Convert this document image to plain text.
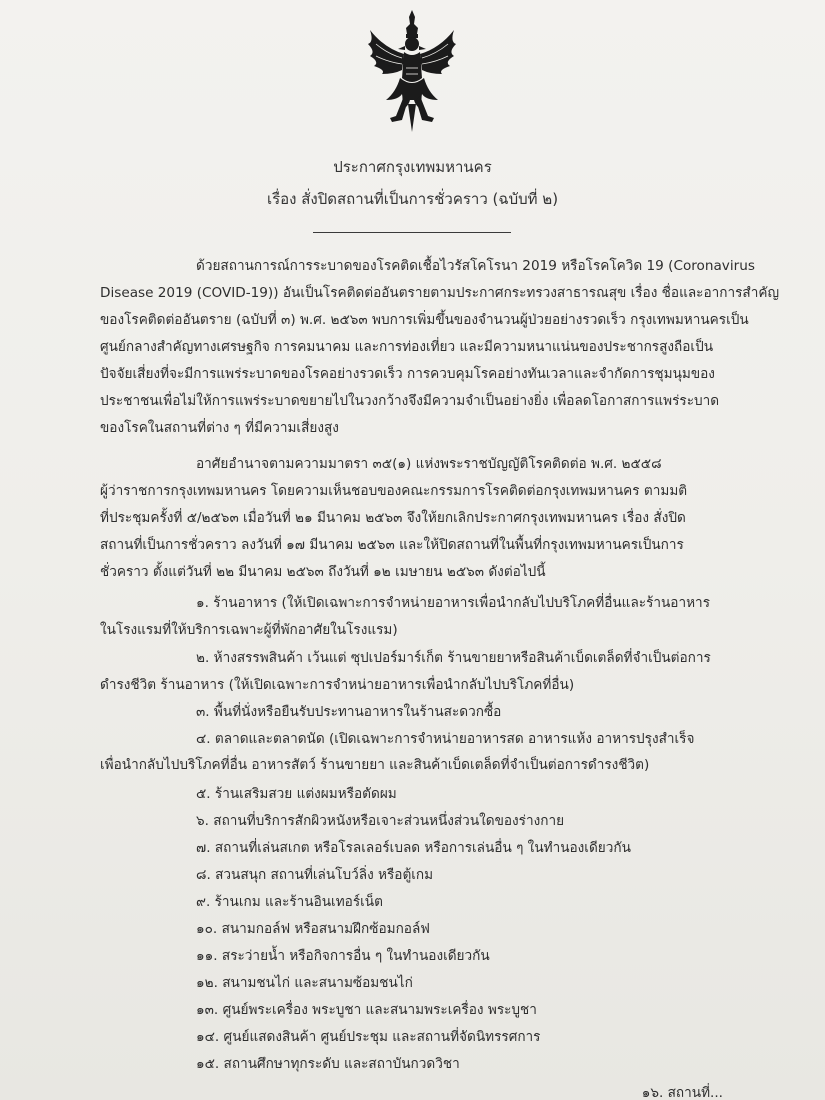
ประกาศกรุงเทพมหานคร
เรื่อง สั่งปิดสถานที่เป็นการชั่วคราว (ฉบับที่ ๒)
ด้วยสถานการณ์การระบาดของโรคติดเชื้อไวรัสโคโรนา 2019 หรือโรคโควิด 19 (Coronavirus
Disease 2019 (COVID-19)) อันเป็นโรคติดต่ออันตรายตามประกาศกระทรวงสาธารณสุข เรื่อง ชื่อและอาการสำคัญ
ของโรคติดต่ออันตราย (ฉบับที่ ๓) พ.ศ. ๒๕๖๓ พบการเพิ่มขึ้นของจำนวนผู้ป่วยอย่างรวดเร็ว กรุงเทพมหานครเป็น
ศูนย์กลางสำคัญทางเศรษฐกิจ การคมนาคม และการท่องเที่ยว และมีความหนาแน่นของประชากรสูงถือเป็น
ปัจจัยเสี่ยงที่จะมีการแพร่ระบาดของโรคอย่างรวดเร็ว การควบคุมโรคอย่างทันเวลาและจำกัดการชุมนุมของ
ประชาชนเพื่อไม่ให้การแพร่ระบาดขยายไปในวงกว้างจึงมีความจำเป็นอย่างยิ่ง เพื่อลดโอกาสการแพร่ระบาด
ของโรคในสถานที่ต่าง ๆ ที่มีความเสี่ยงสูง
อาศัยอำนาจตามความมาตรา ๓๕(๑) แห่งพระราชบัญญัติโรคติดต่อ พ.ศ. ๒๕๕๘
ผู้ว่าราชการกรุงเทพมหานคร โดยความเห็นชอบของคณะกรรมการโรคติดต่อกรุงเทพมหานคร ตามมติ
ที่ประชุมครั้งที่ ๕/๒๕๖๓ เมื่อวันที่ ๒๑ มีนาคม ๒๕๖๓ จึงให้ยกเลิกประกาศกรุงเทพมหานคร เรื่อง สั่งปิด
สถานที่เป็นการชั่วคราว ลงวันที่ ๑๗ มีนาคม ๒๕๖๓ และให้ปิดสถานที่ในพื้นที่กรุงเทพมหานครเป็นการ
ชั่วคราว ตั้งแต่วันที่ ๒๒ มีนาคม ๒๕๖๓ ถึงวันที่ ๑๒ เมษายน ๒๕๖๓ ดังต่อไปนี้
๑. ร้านอาหาร (ให้เปิดเฉพาะการจำหน่ายอาหารเพื่อนำกลับไปบริโภคที่อื่นและร้านอาหาร
ในโรงแรมที่ให้บริการเฉพาะผู้ที่พักอาศัยในโรงแรม)
๒. ห้างสรรพสินค้า เว้นแต่ ซุปเปอร์มาร์เก็ต ร้านขายยาหรือสินค้าเบ็ดเตล็ดที่จำเป็นต่อการ
ดำรงชีวิต ร้านอาหาร (ให้เปิดเฉพาะการจำหน่ายอาหารเพื่อนำกลับไปบริโภคที่อื่น)
๓. พื้นที่นั่งหรือยืนรับประทานอาหารในร้านสะดวกซื้อ
๔. ตลาดและตลาดนัด (เปิดเฉพาะการจำหน่ายอาหารสด อาหารแห้ง อาหารปรุงสำเร็จ
เพื่อนำกลับไปบริโภคที่อื่น อาหารสัตว์ ร้านขายยา และสินค้าเบ็ดเตล็ดที่จำเป็นต่อการดำรงชีวิต)
๕. ร้านเสริมสวย แต่งผมหรือตัดผม
๖. สถานที่บริการสักผิวหนังหรือเจาะส่วนหนึ่งส่วนใดของร่างกาย
๗. สถานที่เล่นสเกต หรือโรลเลอร์เบลด หรือการเล่นอื่น ๆ ในทำนองเดียวกัน
๘. สวนสนุก สถานที่เล่นโบว์ลิ่ง หรือตู้เกม
๙. ร้านเกม และร้านอินเทอร์เน็ต
๑๐. สนามกอล์ฟ หรือสนามฝึกซ้อมกอล์ฟ
๑๑. สระว่ายน้ำ หรือกิจการอื่น ๆ ในทำนองเดียวกัน
๑๒. สนามชนไก่ และสนามซ้อมชนไก่
๑๓. ศูนย์พระเครื่อง พระบูชา และสนามพระเครื่อง พระบูชา
๑๔. ศูนย์แสดงสินค้า ศูนย์ประชุม และสถานที่จัดนิทรรศการ
๑๕. สถานศึกษาทุกระดับ และสถาบันกวดวิชา
๑๖. สถานที่...
